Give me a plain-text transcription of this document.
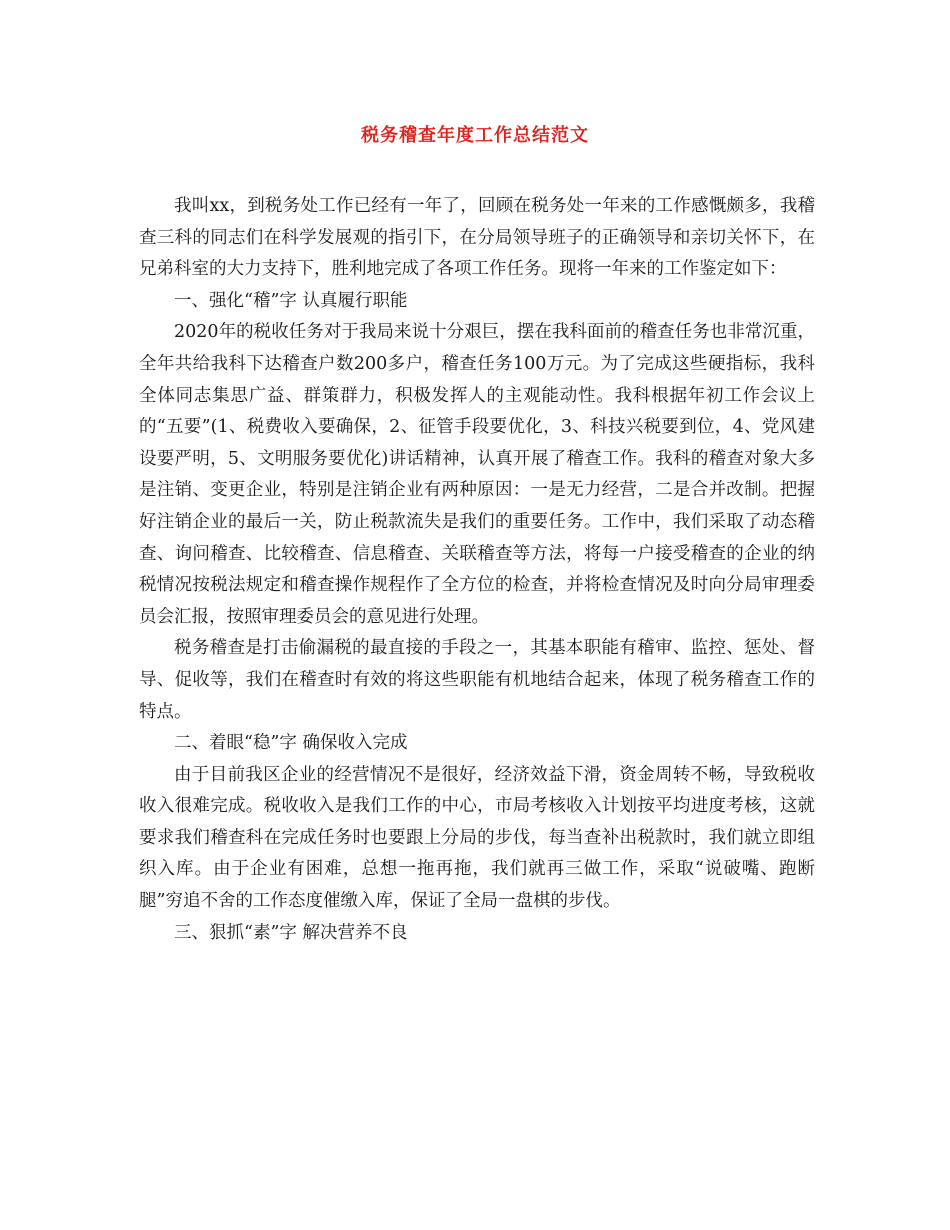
税务稽查年度工作总结范文

我叫xx，到税务处工作已经有一年了，回顾在税务处一年来的工作感慨颇多，我稽查三科的同志们在科学发展观的指引下，在分局领导班子的正确领导和亲切关怀下，在兄弟科室的大力支持下，胜利地完成了各项工作任务。现将一年来的工作鉴定如下：

一、强化“稽”字 认真履行职能

2020年的税收任务对于我局来说十分艰巨，摆在我科面前的稽查任务也非常沉重，全年共给我科下达稽查户数200多户，稽查任务100万元。为了完成这些硬指标，我科全体同志集思广益、群策群力，积极发挥人的主观能动性。我科根据年初工作会议上的“五要”(1、税费收入要确保，2、征管手段要优化，3、科技兴税要到位，4、党风建设要严明，5、文明服务要优化)讲话精神，认真开展了稽查工作。我科的稽查对象大多是注销、变更企业，特别是注销企业有两种原因：一是无力经营，二是合并改制。把握好注销企业的最后一关，防止税款流失是我们的重要任务。工作中，我们采取了动态稽查、询问稽查、比较稽查、信息稽查、关联稽查等方法，将每一户接受稽查的企业的纳税情况按税法规定和稽查操作规程作了全方位的检查，并将检查情况及时向分局审理委员会汇报，按照审理委员会的意见进行处理。

税务稽查是打击偷漏税的最直接的手段之一，其基本职能有稽审、监控、惩处、督导、促收等，我们在稽查时有效的将这些职能有机地结合起来，体现了税务稽查工作的特点。

二、着眼“稳”字 确保收入完成

由于目前我区企业的经营情况不是很好，经济效益下滑，资金周转不畅，导致税收收入很难完成。税收收入是我们工作的中心，市局考核收入计划按平均进度考核，这就要求我们稽查科在完成任务时也要跟上分局的步伐，每当查补出税款时，我们就立即组织入库。由于企业有困难，总想一拖再拖，我们就再三做工作，采取“说破嘴、跑断腿”穷追不舍的工作态度催缴入库，保证了全局一盘棋的步伐。

三、狠抓“素”字 解决营养不良
